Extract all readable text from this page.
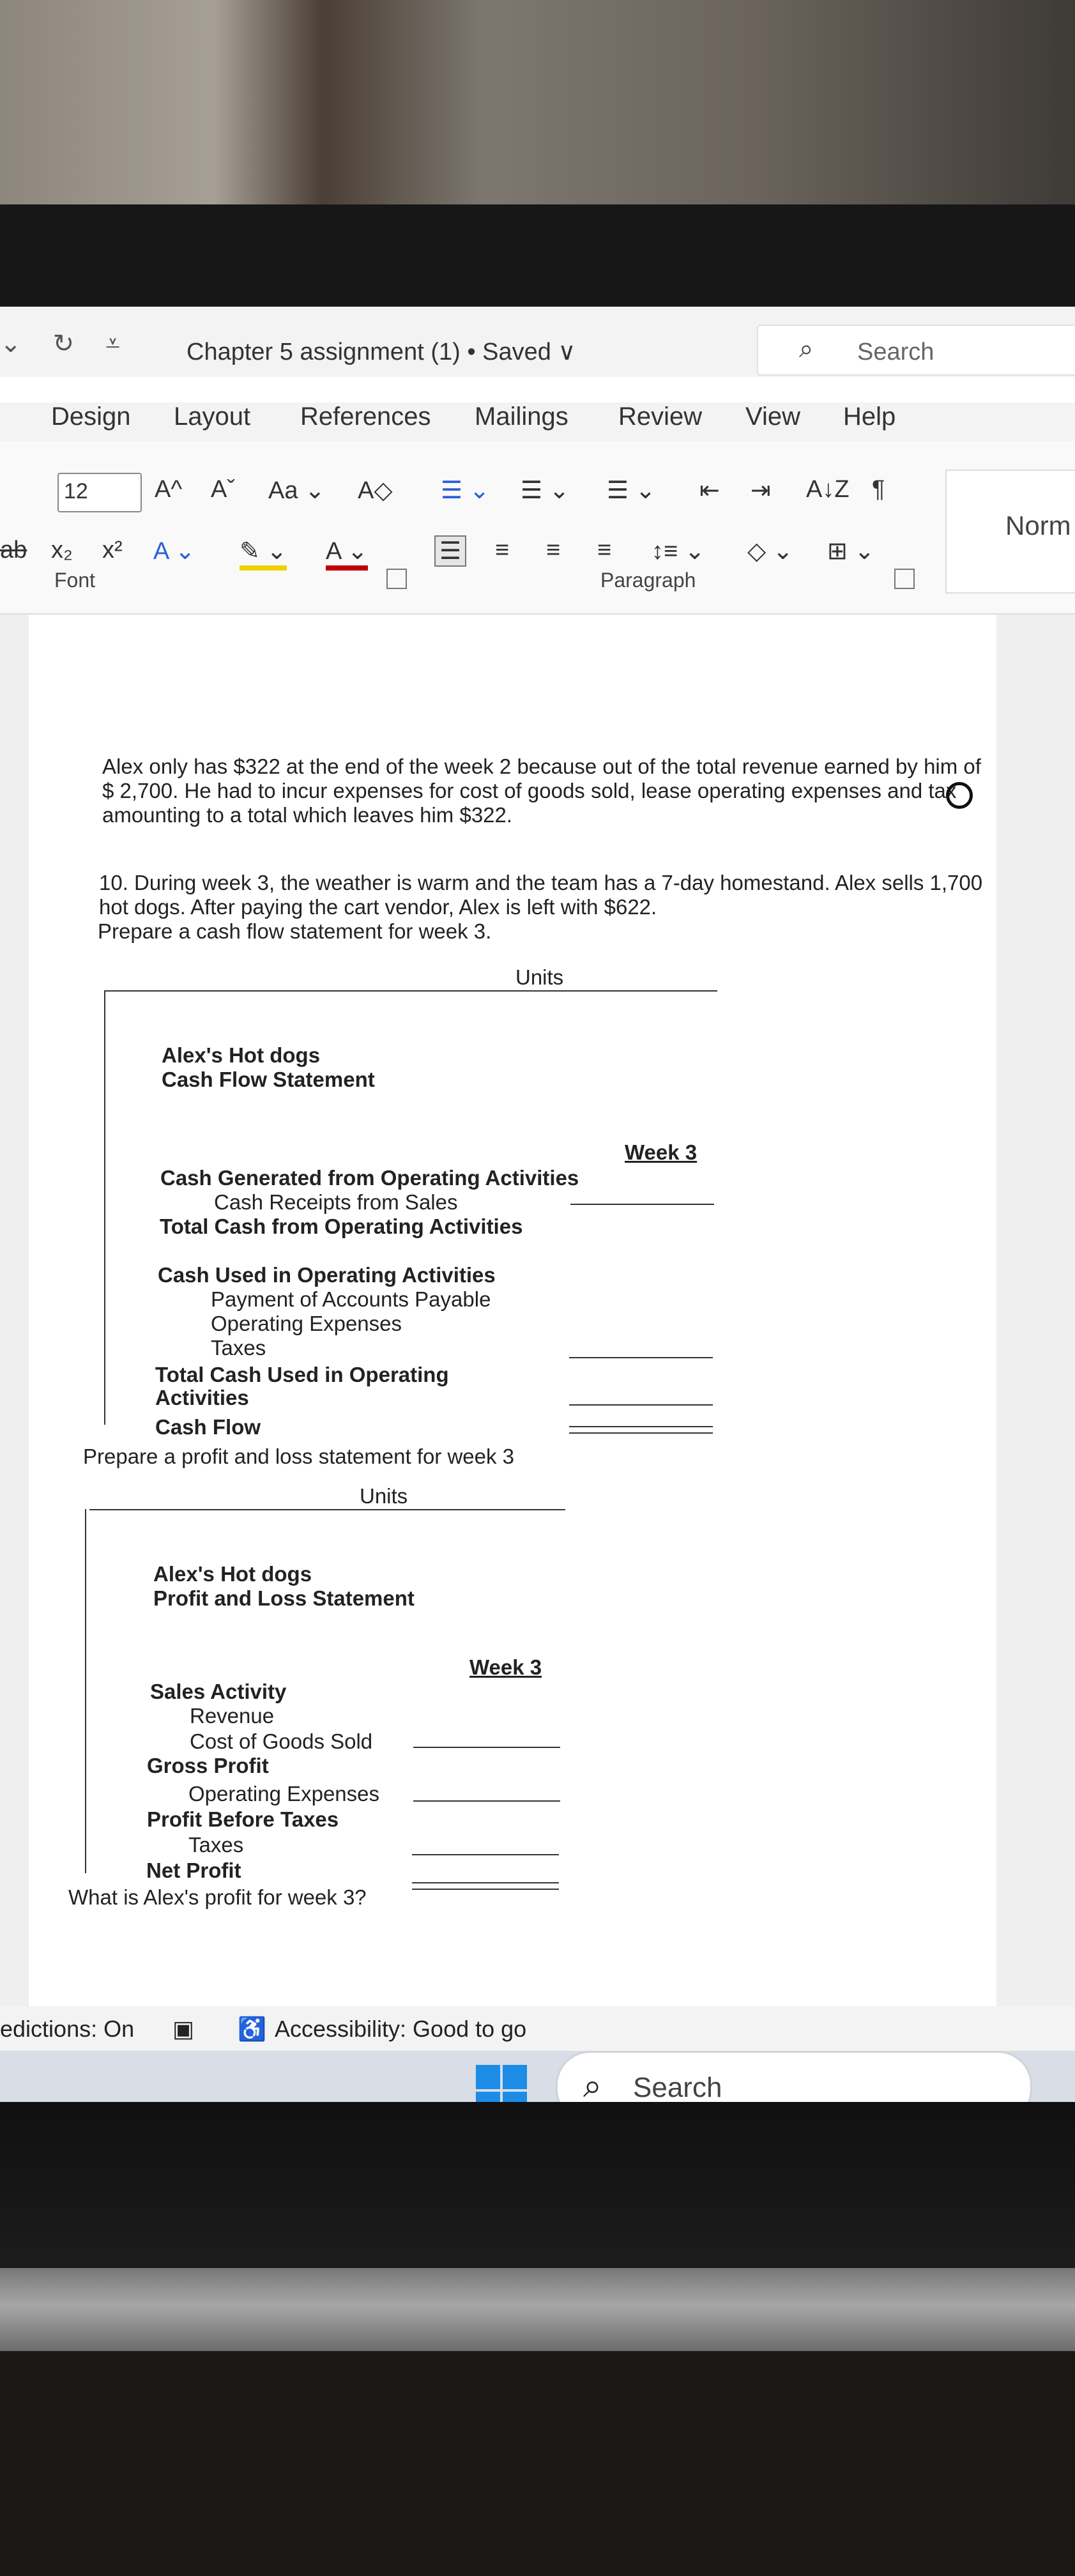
⌄ ↻ ⩡	Chapter 5 assignment (1) • Saved ∨	⌕ Search
Design Layout References Mailings Review View Help
12	A^ Aˇ Aa ⌄ A◇
ab x₂ x² A ⌄ ✎ ⌄ A ⌄
☰ ⌄ ☰ ⌄ ☰ ⌄ ⇤ ⇥ A↓Z ¶
☰ ≡ ≡ ≡ ↕≡ ⌄ ◇ ⌄ ⊞ ⌄
Norm
Font	Paragraph
Alex only has $322 at the end of the week 2 because out of the total revenue earned by him of
$ 2,700. He had to incur expenses for cost of goods sold, lease operating expenses and tax
amounting to a total which leaves him $322.
10. During week 3, the weather is warm and the team has a 7-day homestand. Alex sells 1,700
hot dogs. After paying the cart vendor, Alex is left with $622.
Prepare a cash flow statement for week 3.
Units
Alex's Hot dogs
Cash Flow Statement
Week 3
Cash Generated from Operating Activities
Cash Receipts from Sales
Total Cash from Operating Activities
Cash Used in Operating Activities
Payment of Accounts Payable
Operating Expenses
Taxes
Total Cash Used in Operating
Activities
Cash Flow
Prepare a profit and loss statement for week 3
Units
Alex's Hot dogs
Profit and Loss Statement
Week 3
Sales Activity
Revenue
Cost of Goods Sold
Gross Profit
Operating Expenses
Profit Before Taxes
Taxes
Net Profit
What is Alex's profit for week 3?
edictions: On ▣ ♿ Accessibility: Good to go
⌕ Search
